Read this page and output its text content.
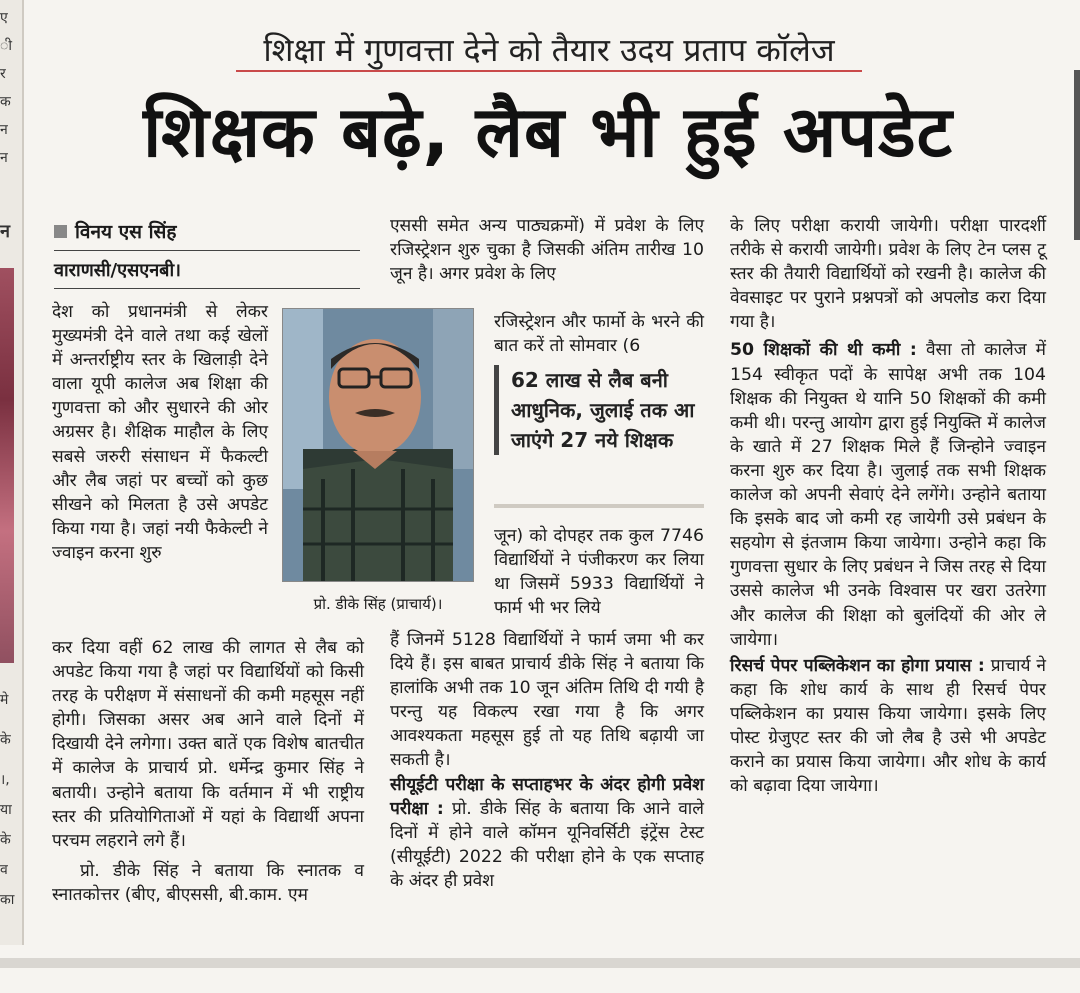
ए
ी
र
क
न
न
न
मे
के
।,
या
के
व
का
शिक्षा में गुणवत्ता देने को तैयार उदय प्रताप कॉलेज
शिक्षक बढ़े, लैब भी हुई अपडेट
विनय एस सिंह
वाराणसी/एसएनबी।

देश को प्रधानमंत्री से लेकर मुख्यमंत्री देने वाले तथा कई खेलों में अन्तर्राष्ट्रीय स्तर के खिलाड़ी देने वाला यूपी कालेज अब शिक्षा की गुणवत्ता को और सुधारने की ओर अग्रसर है। शैक्षिक माहौल के लिए सबसे जरुरी संसाधन में फैकल्टी और लैब जहां पर बच्चों को कुछ सीखने को मिलता है उसे अपडेट किया गया है। जहां नयी फैकेल्टी ने ज्वाइन करना शुरु

कर दिया वहीं 62 लाख की लागत से लैब को अपडेट किया गया है जहां पर विद्यार्थियों को किसी तरह के परीक्षण में संसाधनों की कमी महसूस नहीं होगी। जिसका असर अब आने वाले दिनों में दिखायी देने लगेगा। उक्त बातें एक विशेष बातचीत में कालेज के प्राचार्य प्रो. धर्मेन्द्र कुमार सिंह ने बतायी। उन्होने बताया कि वर्तमान में भी राष्ट्रीय स्तर की प्रतियोगिताओं में यहां के विद्यार्थी अपना परचम लहराने लगे हैं।

प्रो. डीके सिंह ने बताया कि स्नातक व स्नातकोत्तर (बीए, बीएससी, बी.काम. एम

एससी समेत अन्य पाठ्यक्रमों) में प्रवेश के लिए रजिस्ट्रेशन शुरु चुका है जिसकी अंतिम तारीख 10 जून है। अगर प्रवेश के लिए

रजिस्ट्रेशन और फार्मो के भरने की बात करें तो सोमवार (6

प्रो. डीके सिंह (प्राचार्य)।
62 लाख से लैब बनी आधुनिक, जुलाई तक आ जाएंगे 27 नये शिक्षक

जून) को दोपहर तक कुल 7746 विद्यार्थियों ने पंजीकरण कर लिया था जिसमें 5933 विद्यार्थियों ने फार्म भी भर लिये

हैं जिनमें 5128 विद्यार्थियों ने फार्म जमा भी कर दिये हैं। इस बाबत प्राचार्य डीके सिंह ने बताया कि हालांकि अभी तक 10 जून अंतिम तिथि दी गयी है परन्तु यह विकल्प रखा गया है कि अगर आवश्यकता महसूस हुई तो यह तिथि बढ़ायी जा सकती है।

सीयूईटी परीक्षा के सप्ताहभर के अंदर होगी प्रवेश परीक्षा : प्रो. डीके सिंह के बताया कि आने वाले दिनों में होने वाले कॉमन यूनिवर्सिटी इंट्रेंस टेस्ट (सीयूईटी) 2022 की परीक्षा होने के एक सप्ताह के अंदर ही प्रवेश

के लिए परीक्षा करायी जायेगी। परीक्षा पारदर्शी तरीके से करायी जायेगी। प्रवेश के लिए टेन प्लस टू स्तर की तैयारी विद्यार्थियों को रखनी है। कालेज की वेवसाइट पर पुराने प्रश्नपत्रों को अपलोड करा दिया गया है।

50 शिक्षकों की थी कमी : वैसा तो कालेज में 154 स्वीकृत पदों के सापेक्ष अभी तक 104 शिक्षक की नियुक्त थे यानि 50 शिक्षकों की कमी कमी थी। परन्तु आयोग द्वारा हुई नियुक्ति में कालेज के खाते में 27 शिक्षक मिले हैं जिन्होने ज्वाइन करना शुरु कर दिया है। जुलाई तक सभी शिक्षक कालेज को अपनी सेवाएं देने लगेंगे। उन्होने बताया कि इसके बाद जो कमी रह जायेगी उसे प्रबंधन के सहयोग से इंतजाम किया जायेगा। उन्होने कहा कि गुणवत्ता सुधार के लिए प्रबंधन ने जिस तरह से दिया उससे कालेज भी उनके विश्वास पर खरा उतरेगा और कालेज की शिक्षा को बुलंदियों की ओर ले जायेगा।

रिसर्च पेपर पब्लिकेशन का होगा प्रयास : प्राचार्य ने कहा कि शोध कार्य के साथ ही रिसर्च पेपर पब्लिकेशन का प्रयास किया जायेगा। इसके लिए पोस्ट ग्रेजुएट स्तर की जो लैब है उसे भी अपडेट कराने का प्रयास किया जायेगा। और शोध के कार्य को बढ़ावा दिया जायेगा।
